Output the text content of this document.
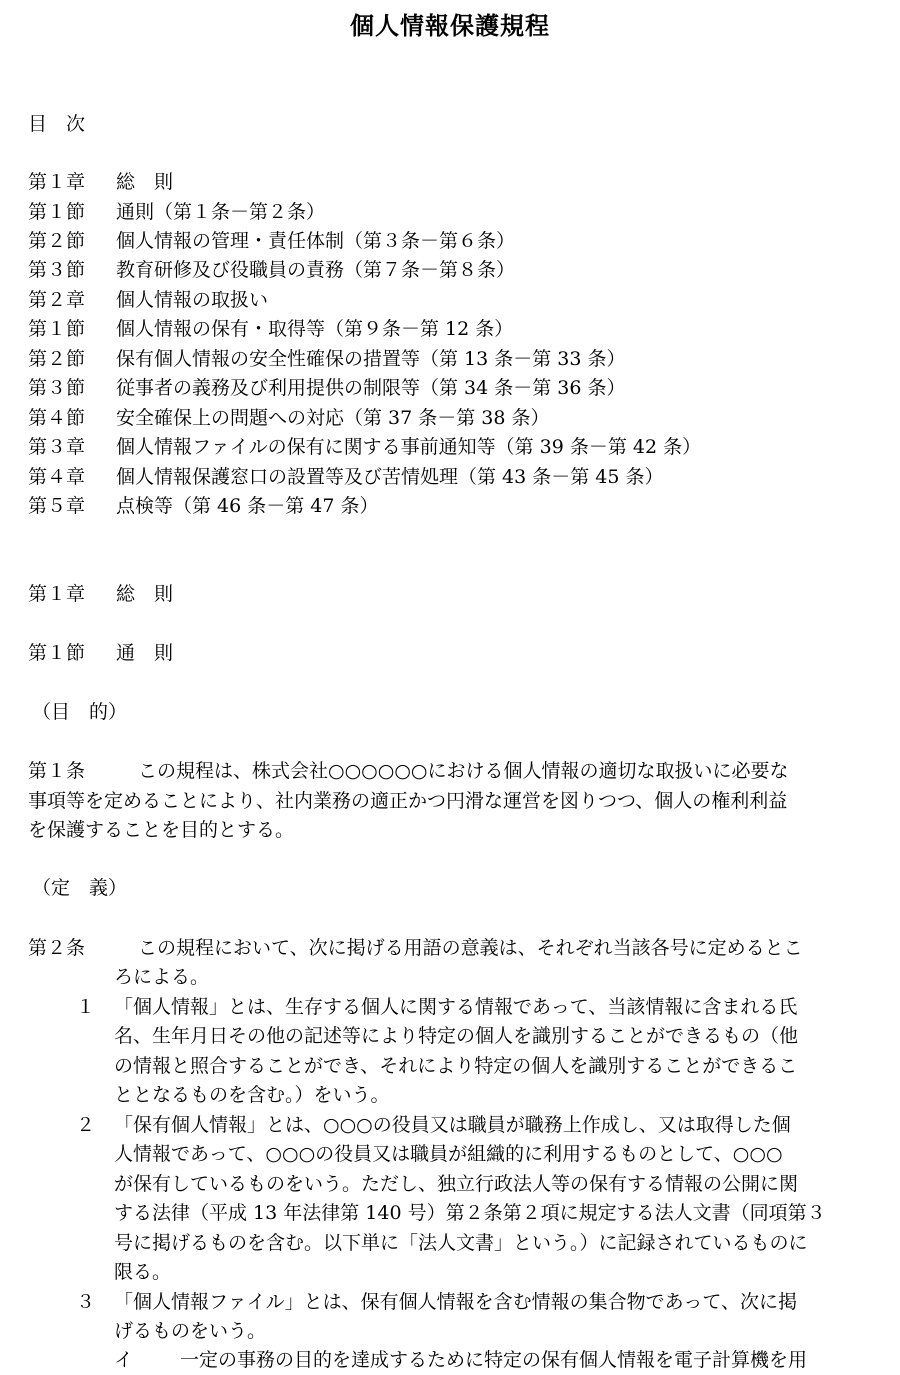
個人情報保護規程
目　次
第１章 総　則
第１節 通則（第１条－第２条）
第２節 個人情報の管理・責任体制（第３条－第６条）
第３節 教育研修及び役職員の責務（第７条－第８条）
第２章 個人情報の取扱い
第１節 個人情報の保有・取得等（第９条－第 12 条）
第２節 保有個人情報の安全性確保の措置等（第 13 条－第 33 条）
第３節 従事者の義務及び利用提供の制限等（第 34 条－第 36 条）
第４節 安全確保上の問題への対応（第 37 条－第 38 条）
第３章 個人情報ファイルの保有に関する事前通知等（第 39 条－第 42 条）
第４章 個人情報保護窓口の設置等及び苦情処理（第 43 条－第 45 条）
第５章 点検等（第 46 条－第 47 条）
第１章 総　則
第１節 通　則
（目　的）
第１条	この規程は、株式会社○○○○○○における個人情報の適切な取扱いに必要な
事項等を定めることにより、社内業務の適正かつ円滑な運営を図りつつ、個人の権利利益
を保護することを目的とする。
（定　義）
第２条	この規程において、次に掲げる用語の意義は、それぞれ当該各号に定めるとこ
ろによる。
１ 「個人情報」とは、生存する個人に関する情報であって、当該情報に含まれる氏
名、生年月日その他の記述等により特定の個人を識別することができるもの（他
の情報と照合することができ、それにより特定の個人を識別することができるこ
ととなるものを含む。）をいう。
２ 「保有個人情報」とは、○○○の役員又は職員が職務上作成し、又は取得した個
人情報であって、○○○の役員又は職員が組織的に利用するものとして、○○○
が保有しているものをいう。ただし、独立行政法人等の保有する情報の公開に関
する法律（平成 13 年法律第 140 号）第２条第２項に規定する法人文書（同項第３
号に掲げるものを含む。以下単に「法人文書」という。）に記録されているものに
限る。
３ 「個人情報ファイル」とは、保有個人情報を含む情報の集合物であって、次に掲
げるものをいう。
イ 一定の事務の目的を達成するために特定の保有個人情報を電子計算機を用
